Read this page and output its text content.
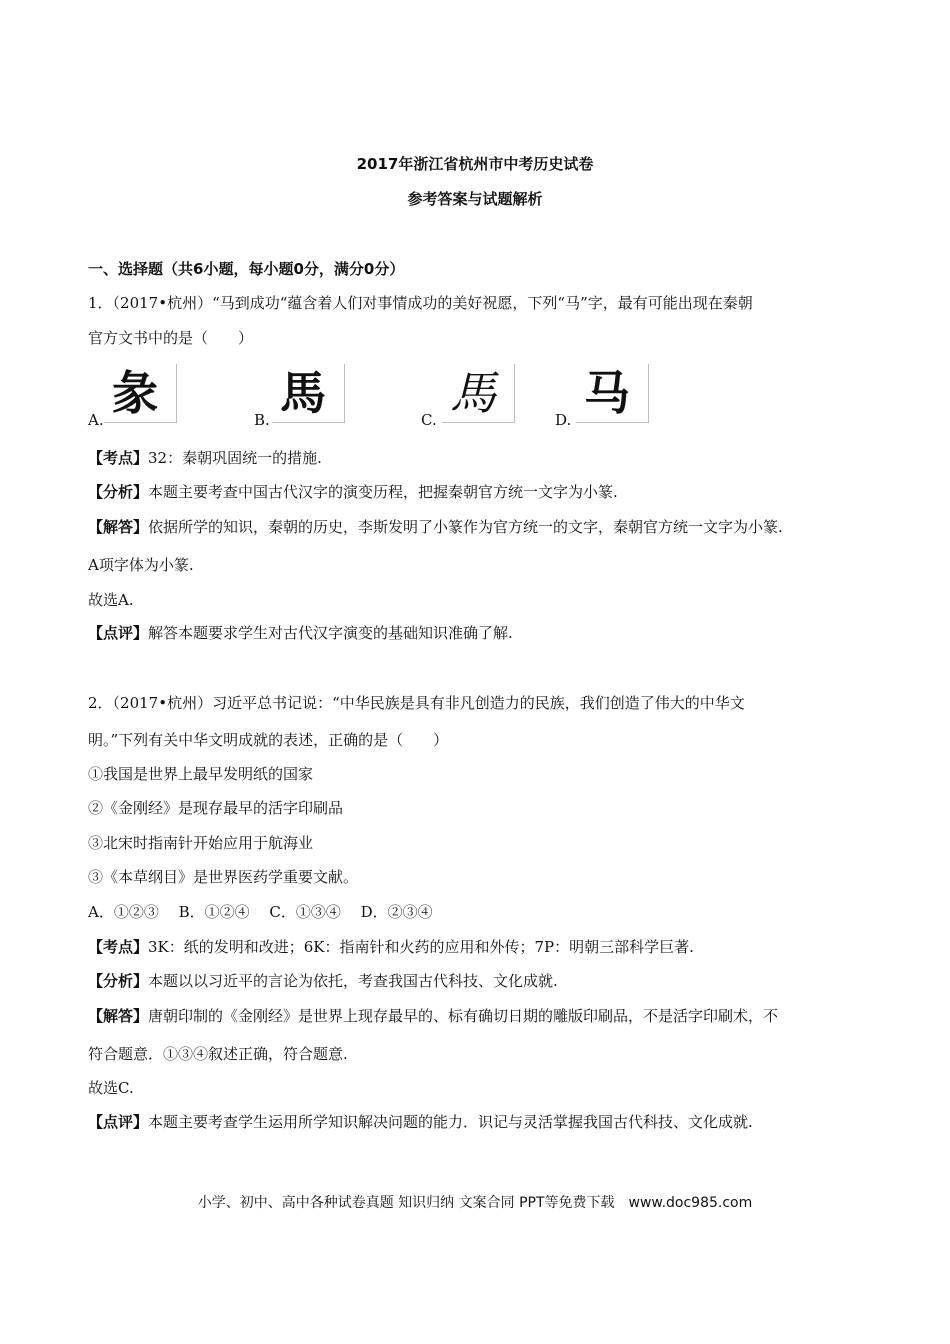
2017年浙江省杭州市中考历史试卷
参考答案与试题解析
一、选择题（共6小题，每小题0分，满分0分）
1．（2017•杭州）“马到成功“蕴含着人们对事情成功的美好祝愿，下列“马”字，最有可能出现在秦朝
官方文书中的是（　　）
A. 彖	B. 馬	C. 馬	D. 马
【考点】32：秦朝巩固统一的措施.
【分析】本题主要考查中国古代汉字的演变历程，把握秦朝官方统一文字为小篆.
【解答】依据所学的知识，秦朝的历史，李斯发明了小篆作为官方统一的文字，秦朝官方统一文字为小篆.
A项字体为小篆.
故选A.
【点评】解答本题要求学生对古代汉字演变的基础知识准确了解.
2．（2017•杭州）习近平总书记说：“中华民族是具有非凡创造力的民族，我们创造了伟大的中华文
明。”下列有关中华文明成就的表述，正确的是（　　）
①我国是世界上最早发明纸的国家
②《金刚经》是现存最早的活字印刷品
③北宋时指南针开始应用于航海业
③《本草纲目》是世界医药学重要文献。
A．①②③　 B．①②④　 C．①③④　 D．②③④
【考点】3K：纸的发明和改进；6K：指南针和火药的应用和外传；7P：明朝三部科学巨著.
【分析】本题以以习近平的言论为依托，考查我国古代科技、文化成就.
【解答】唐朝印制的《金刚经》是世界上现存最早的、标有确切日期的雕版印刷品，不是活字印刷术，不
符合题意．①③④叙述正确，符合题意.
故选C.
【点评】本题主要考查学生运用所学知识解决问题的能力．识记与灵活掌握我国古代科技、文化成就.
小学、初中、高中各种试卷真题 知识归纳 文案合同 PPT等免费下载　www.doc985.com
